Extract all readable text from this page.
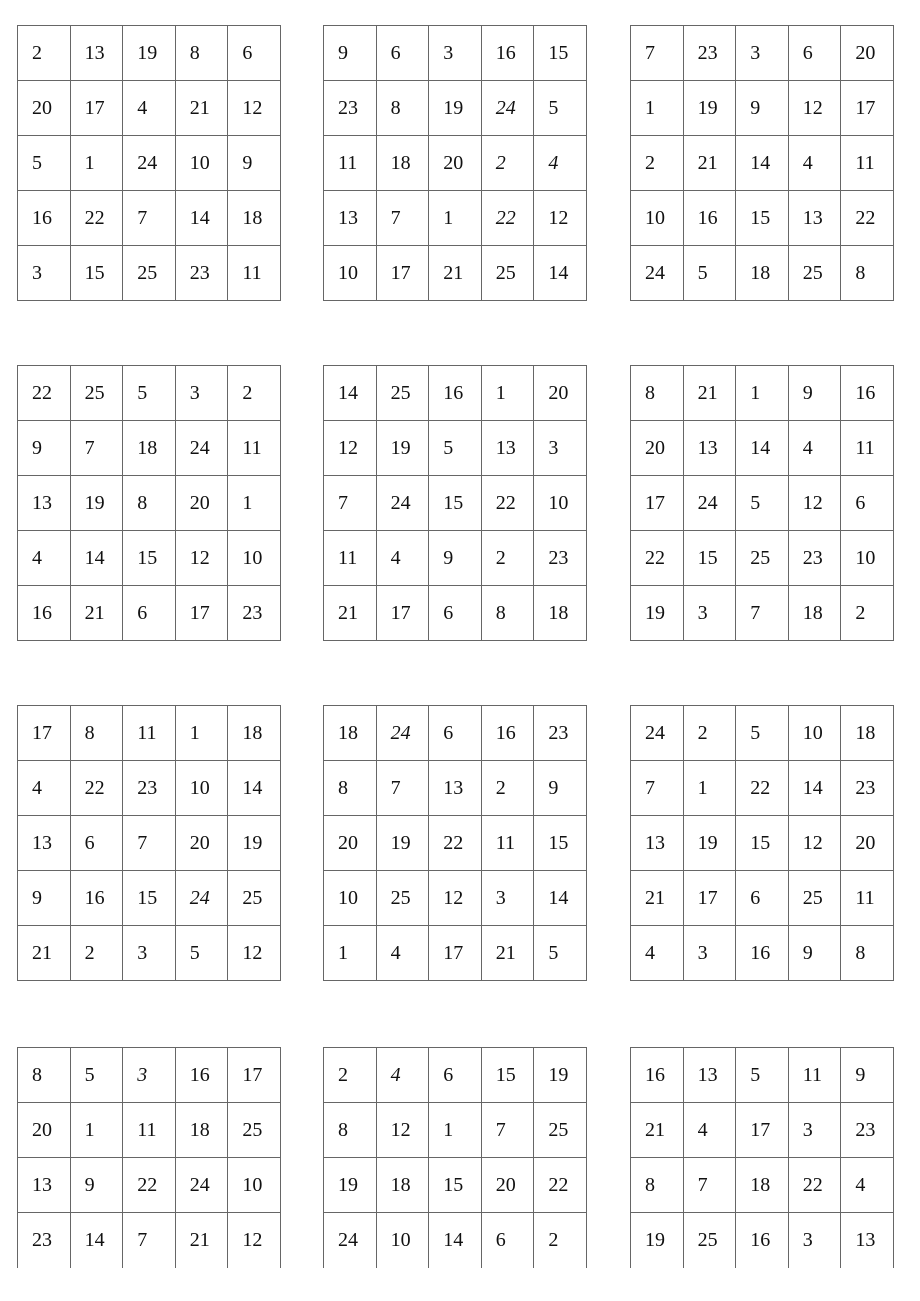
2	13	19	8	6
20	17	4	21	12
5	1	24	10	9
16	22	7	14	18
3	15	25	23	11
9	6	3	16	15
23	8	19	24	5
11	18	20	2	4
13	7	1	22	12
10	17	21	25	14
7	23	3	6	20
1	19	9	12	17
2	21	14	4	11
10	16	15	13	22
24	5	18	25	8
22	25	5	3	2
9	7	18	24	11
13	19	8	20	1
4	14	15	12	10
16	21	6	17	23
14	25	16	1	20
12	19	5	13	3
7	24	15	22	10
11	4	9	2	23
21	17	6	8	18
8	21	1	9	16
20	13	14	4	11
17	24	5	12	6
22	15	25	23	10
19	3	7	18	2
17	8	11	1	18
4	22	23	10	14
13	6	7	20	19
9	16	15	24	25
21	2	3	5	12
18	24	6	16	23
8	7	13	2	9
20	19	22	11	15
10	25	12	3	14
1	4	17	21	5
24	2	5	10	18
7	1	22	14	23
13	19	15	12	20
21	17	6	25	11
4	3	16	9	8
8	5	3	16	17
20	1	11	18	25
13	9	22	24	10
23	14	7	21	12
2	4	6	15	19
8	12	1	7	25
19	18	15	20	22
24	10	14	6	2
16	13	5	11	9
21	4	17	3	23
8	7	18	22	4
19	25	16	3	13
